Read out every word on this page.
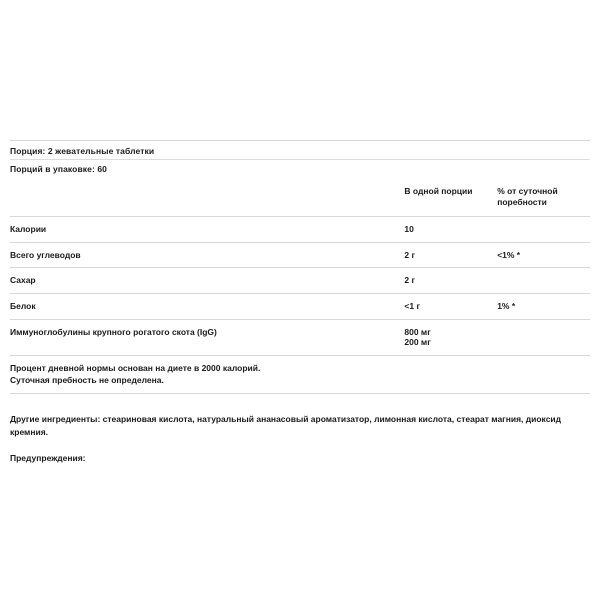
Порция: 2 жевательные таблетки
Порций в упаковке: 60
	В одной порции	% от суточной поребности
Калории	10	
Всего углеводов	2 г	<1% *
Сахар	2 г	
Белок	<1 г	1% *
Иммуноглобулины крупного рогатого скота (IgG)	800 мг
200 мг	

Процент дневной нормы основан на диете в 2000 калорий.
Суточная пребность не определена.
Другие ингредиенты: стеариновая кислота, натуральный ананасовый ароматизатор, лимонная кислота, стеарат магния, диоксид кремния.
Предупреждения:
